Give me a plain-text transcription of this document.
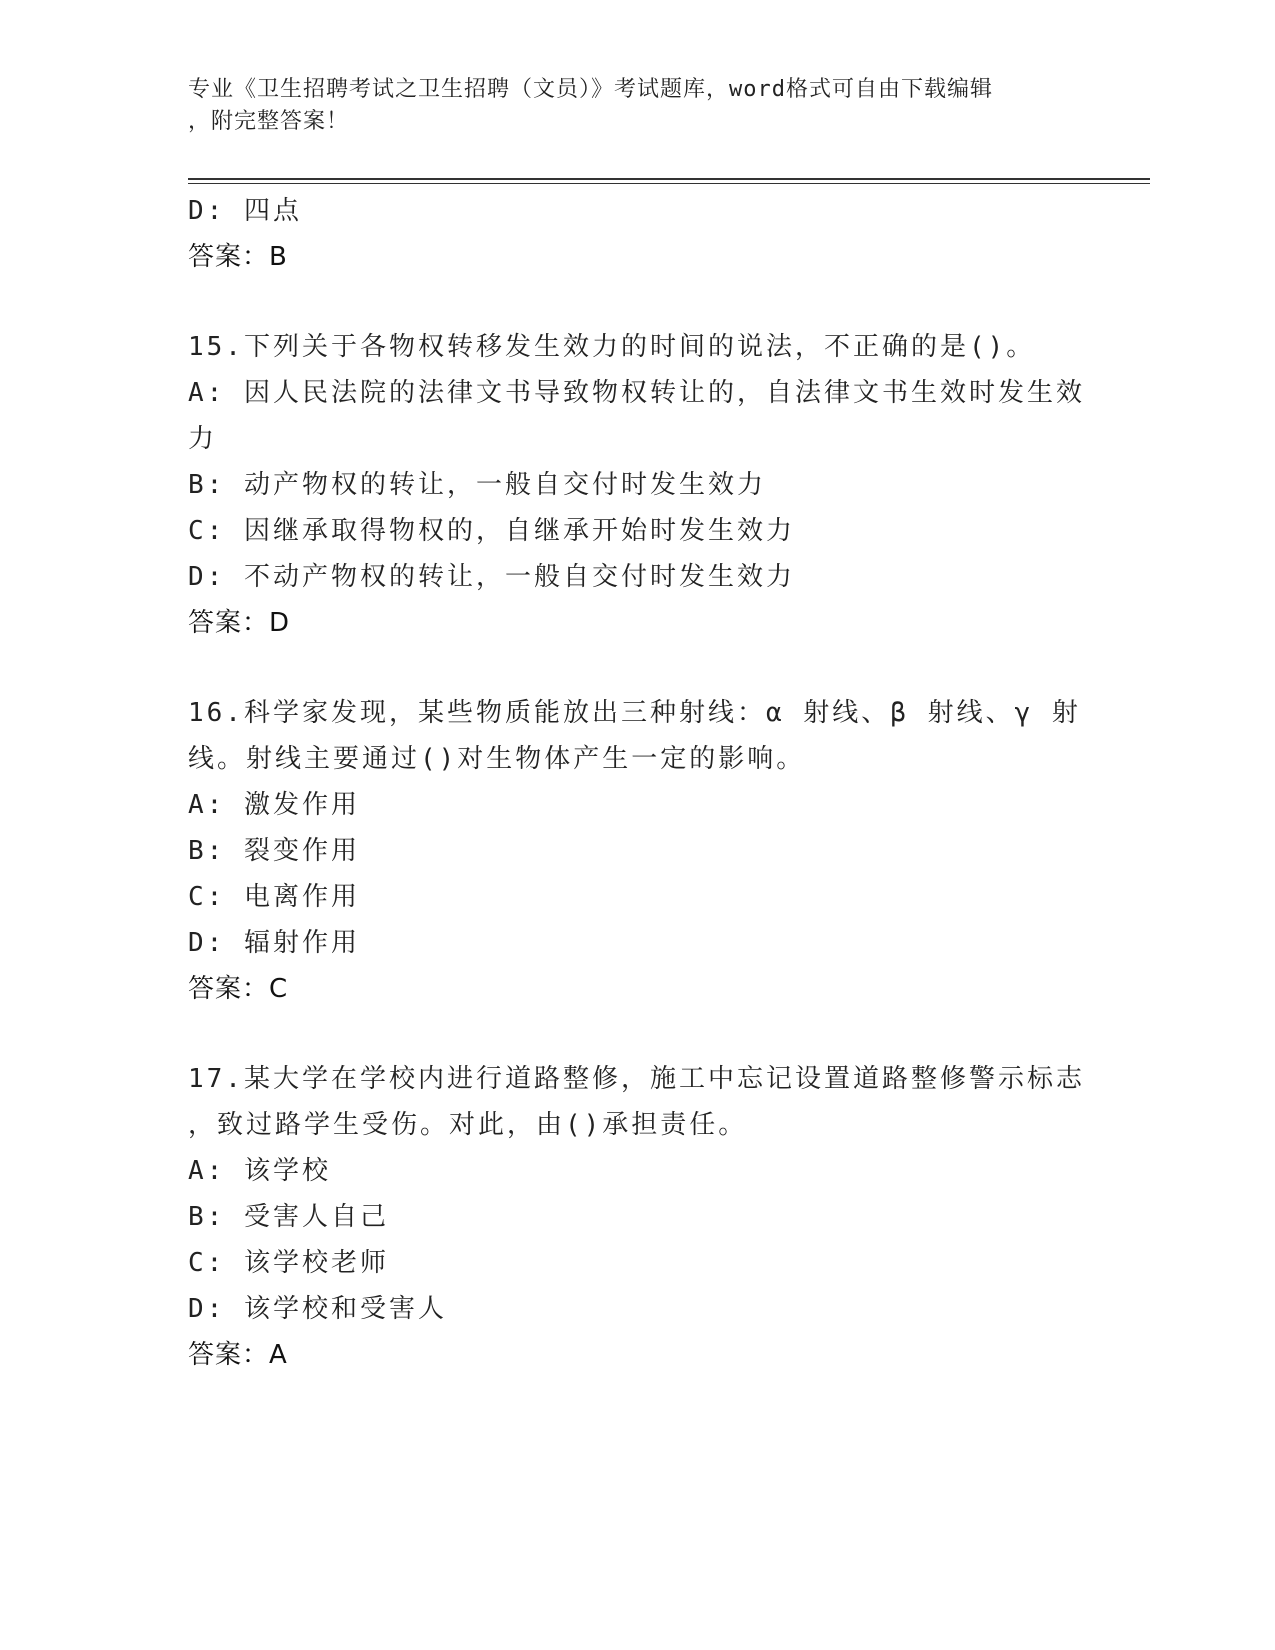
专业《卫生招聘考试之卫生招聘（文员）》考试题库，word格式可自由下载编辑
，附完整答案！
D: 四点
答案：B
15.下列关于各物权转移发生效力的时间的说法，不正确的是()。
A: 因人民法院的法律文书导致物权转让的，自法律文书生效时发生效
力
B: 动产物权的转让，一般自交付时发生效力
C: 因继承取得物权的，自继承开始时发生效力
D: 不动产物权的转让，一般自交付时发生效力
答案：D
16.科学家发现，某些物质能放出三种射线：α 射线、β 射线、γ 射
线。射线主要通过()对生物体产生一定的影响。
A: 激发作用
B: 裂变作用
C: 电离作用
D: 辐射作用
答案：C
17.某大学在学校内进行道路整修，施工中忘记设置道路整修警示标志
，致过路学生受伤。对此，由()承担责任。
A: 该学校
B: 受害人自己
C: 该学校老师
D: 该学校和受害人
答案：A
